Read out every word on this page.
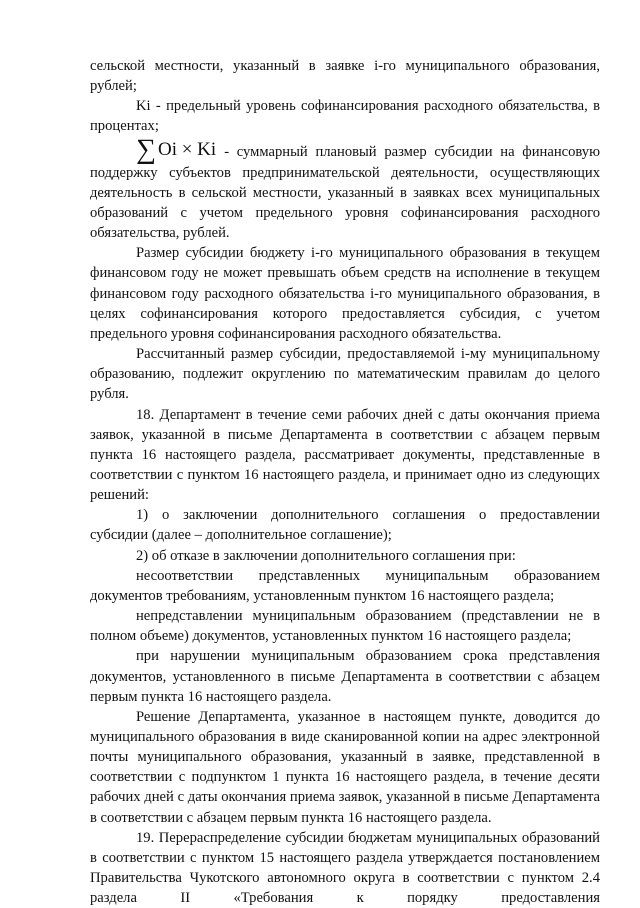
сельской местности, указанный в заявке i-го муниципального образования, рублей;

Ki - предельный уровень софинансирования расходного обязательства, в процентах;

∑ Oi × Ki - суммарный плановый размер субсидии на финансовую

поддержку субъектов предпринимательской деятельности, осуществляющих деятельность в сельской местности, указанный в заявках всех муниципальных образований с учетом предельного уровня софинансирования расходного обязательства, рублей.

Размер субсидии бюджету i-го муниципального образования в текущем финансовом году не может превышать объем средств на исполнение в текущем финансовом году расходного обязательства i-го муниципального образования, в целях софинансирования которого предоставляется субсидия, с учетом предельного уровня софинансирования расходного обязательства.

Рассчитанный размер субсидии, предоставляемой i-му муниципальному образованию, подлежит округлению по математическим правилам до целого рубля.

18. Департамент в течение семи рабочих дней с даты окончания приема заявок, указанной в письме Департамента в соответствии с абзацем первым пункта 16 настоящего раздела, рассматривает документы, представленные в соответствии с пунктом 16 настоящего раздела, и принимает одно из следующих решений:

1) о заключении дополнительного соглашения о предоставлении субсидии (далее – дополнительное соглашение);

2) об отказе в заключении дополнительного соглашения при:

несоответствии представленных муниципальным образованием документов требованиям, установленным пунктом 16 настоящего раздела;

непредставлении муниципальным образованием (представлении не в полном объеме) документов, установленных пунктом 16 настоящего раздела;

при нарушении муниципальным образованием срока представления документов, установленного в письме Департамента в соответствии с абзацем первым пункта 16 настоящего раздела.

Решение Департамента, указанное в настоящем пункте, доводится до муниципального образования в виде сканированной копии на адрес электронной почты муниципального образования, указанный в заявке, представленной в соответствии с подпунктом 1 пункта 16 настоящего раздела, в течение десяти рабочих дней с даты окончания приема заявок, указанной в письме Департамента в соответствии с абзацем первым пункта 16 настоящего раздела.

19. Перераспределение субсидии бюджетам муниципальных образований в соответствии с пунктом 15 настоящего раздела утверждается постановлением Правительства Чукотского автономного округа в соответствии с пунктом 2.4 раздела II «Требования к порядку предоставления
